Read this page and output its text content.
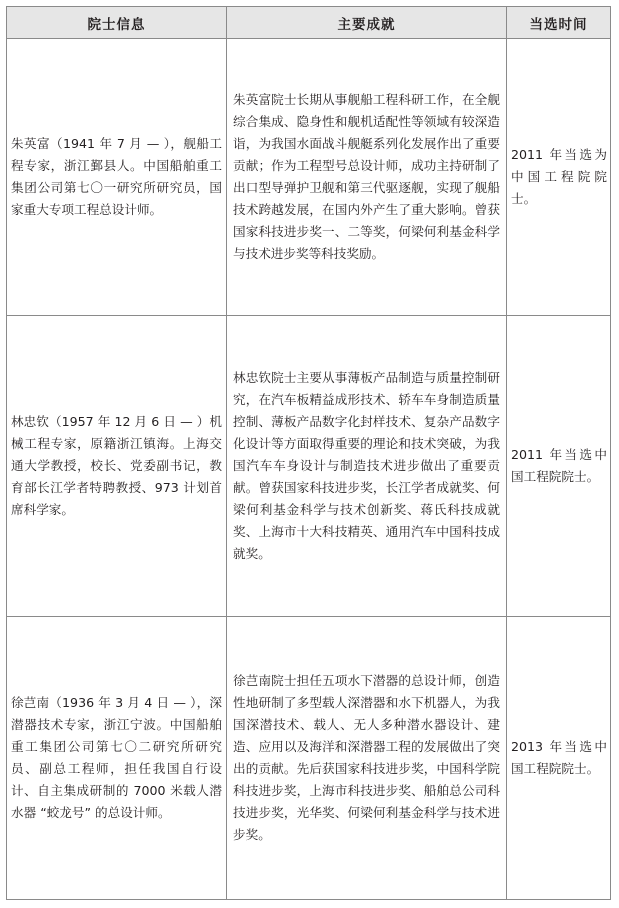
院士信息	主要成就	当选时间

朱英富（1941 年 7 月 — ），舰船工程专家，浙江鄞县人。中国船舶重工集团公司第七〇一研究所研究员，国家重大专项工程总设计师。	朱英富院士长期从事舰船工程科研工作，在全舰综合集成、隐身性和舰机适配性等领域有较深造诣，为我国水面战斗舰艇系列化发展作出了重要贡献；作为工程型号总设计师，成功主持研制了出口型导弹护卫舰和第三代驱逐舰，实现了舰船技术跨越发展，在国内外产生了重大影响。曾获国家科技进步奖一、二等奖，何梁何利基金科学与技术进步奖等科技奖励。	2011 年当选为中国工程院院士。

林忠钦（1957 年 12 月 6 日 — ）机械工程专家，原籍浙江镇海。上海交通大学教授，校长、党委副书记，教育部长江学者特聘教授、973 计划首席科学家。	林忠钦院士主要从事薄板产品制造与质量控制研究，在汽车板精益成形技术、轿车车身制造质量控制、薄板产品数字化封样技术、复杂产品数字化设计等方面取得重要的理论和技术突破，为我国汽车车身设计与制造技术进步做出了重要贡献。曾获国家科技进步奖，长江学者成就奖、何梁何利基金科学与技术创新奖、蒋氏科技成就奖、上海市十大科技精英、通用汽车中国科技成就奖。	2011 年当选中国工程院院士。

徐芑南（1936 年 3 月 4 日 — ），深潜器技术专家，浙江宁波。中国船舶重工集团公司第七〇二研究所研究员、副总工程师，担任我国自行设计、自主集成研制的 7000 米载人潜水器 “蛟龙号” 的总设计师。	徐芑南院士担任五项水下潜器的总设计师，创造性地研制了多型载人深潜器和水下机器人，为我国深潜技术、载人、无人多种潜水器设计、建造、应用以及海洋和深潜器工程的发展做出了突出的贡献。先后获国家科技进步奖，中国科学院科技进步奖，上海市科技进步奖、船舶总公司科技进步奖，光华奖、何梁何利基金科学与技术进步奖。	2013 年当选中国工程院院士。
